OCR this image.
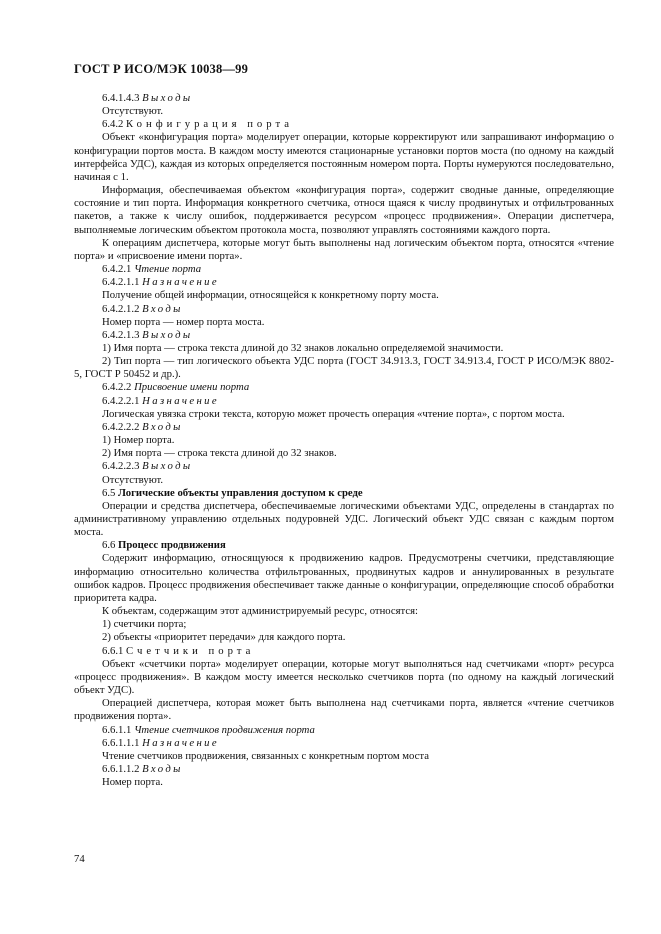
ГОСТ Р ИСО/МЭК 10038—99

6.4.1.4.3 Выходы

Отсутствуют.

6.4.2 Конфигурация порта

Объект «конфигурация порта» моделирует операции, которые корректируют или запрашивают информацию о конфигурации портов моста. В каждом мосту имеются стационарные установки портов моста (по одному на каждый интерфейса УДС), каждая из которых определяется постоянным номером порта. Порты нумеруются последовательно, начиная с 1.

Информация, обеспечиваемая объектом «конфигурация порта», содержит сводные данные, определяющие состояние и тип порта. Информация конкретного счетчика, относя щаяся к числу продвинутых и отфильтрованных пакетов, а также к числу ошибок, поддерживается ресурсом «процесс продвижения». Операции диспетчера, выполняемые логическим объектом протокола моста, позволяют управлять состояниями каждого порта.

К операциям диспетчера, которые могут быть выполнены над логическим объектом порта, относятся «чтение порта» и «присвоение имени порта».

6.4.2.1 Чтение порта

6.4.2.1.1 Назначение

Получение общей информации, относящейся к конкретному порту моста.

6.4.2.1.2 Входы

Номер порта — номер порта моста.

6.4.2.1.3 Выходы

1) Имя порта — строка текста длиной до 32 знаков локально определяемой значимости.

2) Тип порта — тип логического объекта УДС порта (ГОСТ 34.913.3, ГОСТ 34.913.4, ГОСТ Р ИСО/МЭК 8802-5, ГОСТ Р 50452 и др.).

6.4.2.2 Присвоение имени порта

6.4.2.2.1 Назначение

Логическая увязка строки текста, которую может прочесть операция «чтение порта», с портом моста.

6.4.2.2.2 Входы

1) Номер порта.

2) Имя порта — строка текста длиной до 32 знаков.

6.4.2.2.3 Выходы

Отсутствуют.

6.5 Логические объекты управления доступом к среде

Операции и средства диспетчера, обеспечиваемые логическими объектами УДС, определены в стандартах по административному управлению отдельных подуровней УДС. Логический объект УДС связан с каждым портом моста.

6.6 Процесс продвижения

Содержит информацию, относящуюся к продвижению кадров. Предусмотрены счетчики, представляющие информацию относительно количества отфильтрованных, продвинутых кадров и аннулированных в результате ошибок кадров. Процесс продвижения обеспечивает также данные о конфигурации, определяющие способ обработки приоритета кадра.

К объектам, содержащим этот администрируемый ресурс, относятся:

1) счетчики порта;

2) объекты «приоритет передачи» для каждого порта.

6.6.1 Счетчики порта

Объект «счетчики порта» моделирует операции, которые могут выполняться над счетчиками «порт» ресурса «процесс продвижения». В каждом мосту имеется несколько счетчиков порта (по одному на каждый логический объект УДС).

Операцией диспетчера, которая может быть выполнена над счетчиками порта, является «чтение счетчиков продвижения порта».

6.6.1.1 Чтение счетчиков продвижения порта

6.6.1.1.1 Назначение

Чтение счетчиков продвижения, связанных с конкретным портом моста

6.6.1.1.2 Входы

Номер порта.

74
